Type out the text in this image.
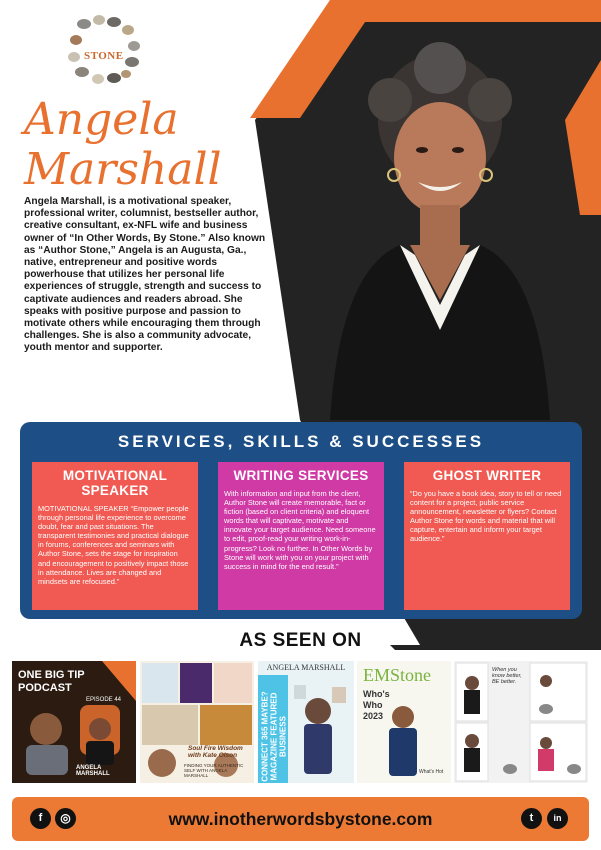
STONE
Angela
Marshall

Angela Marshall, is a motivational speaker, professional writer, columnist, bestseller author, creative consultant, ex-NFL wife and business owner of “In Other Words, By Stone.” Also known as “Author Stone,” Angela is an Augusta, Ga., native, entrepreneur and positive words powerhouse that utilizes her personal life experiences of struggle, strength and success to captivate audiences and readers abroad. She speaks with positive purpose and passion to motivate others while encouraging them through challenges. She is also a community advocate, youth mentor and supporter.

SERVICES, SKILLS & SUCCESSES
MOTIVATIONAL SPEAKER
MOTIVATIONAL SPEAKER “Empower people through personal life experience to overcome doubt, fear and past situations. The transparent testimonies and practical dialogue in forums, conferences and seminars with Author Stone, sets the stage for inspiration and encouragement to positively impact those in attendance. Lives are changed and mindsets are refocused.”
WRITING SERVICES
With information and input from the client, Author Stone will create memorable, fact or fiction (based on client criteria) and eloquent words that will captivate, motivate and innovate your target audience. Need someone to edit, proof-read your writing work-in-progress? Look no further. In Other Words by Stone will work with you on your project with success in mind for the end result.”
GHOST WRITER
“Do you have a book idea, story to tell or need content for a project, public service announcement, newsletter or flyers? Contact Author Stone for words and material that will capture, entertain and inform your target audience.”
AS SEEN ON
ONE BIG TIP
PODCAST
EPISODE 44
ANGELA MARSHALL
Soul Fire Wisdom with Kate Olson
FINDING YOUR AUTHENTIC SELF WITH ANGELA MARSHALL
ANGELA MARSHALL
CONNECT 365 MAYBE? MAGAZINE FEATURED BUSINESS
EMStone
Who's Who 2023
What's Hot
When you know better, BE better.
f	◎	www.inotherwordsbystone.com	t	in
